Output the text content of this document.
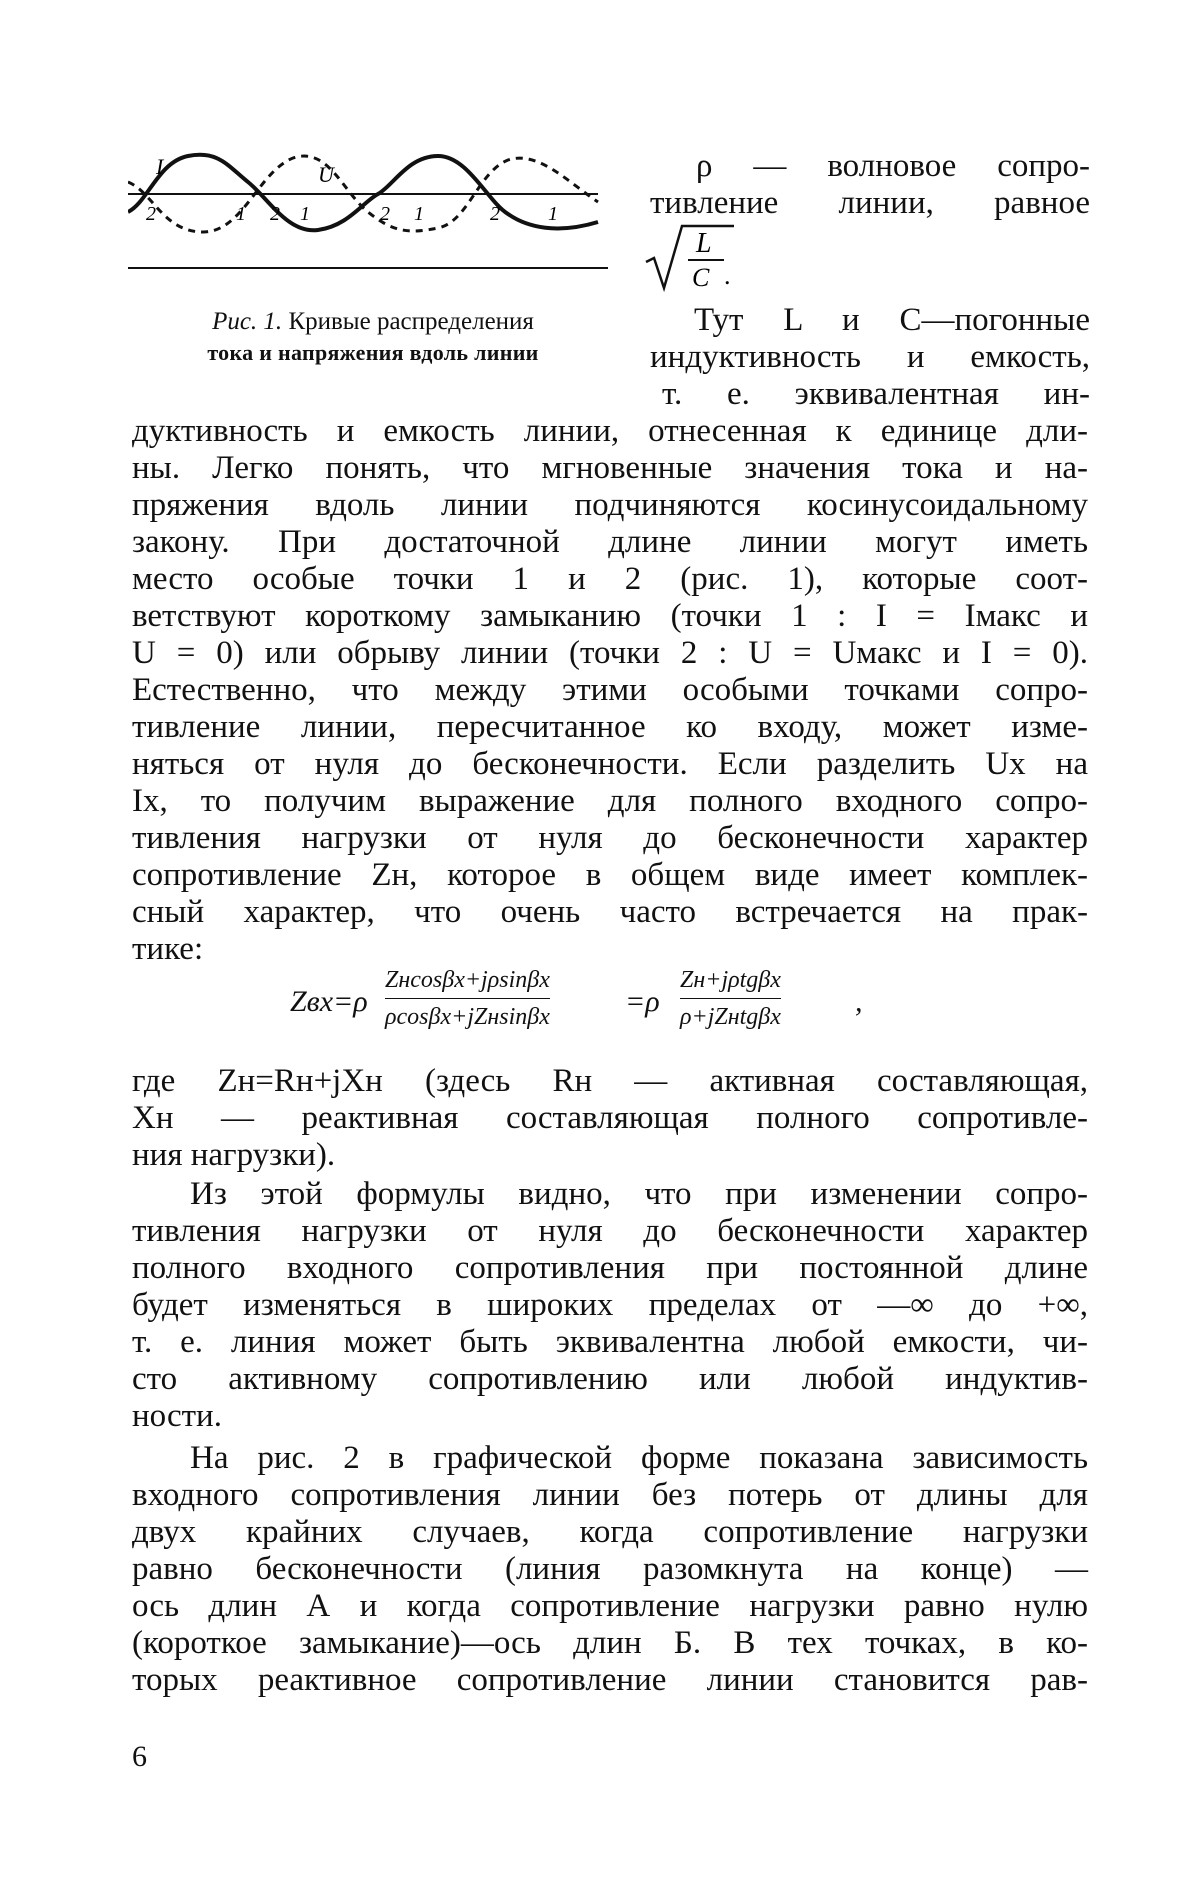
I	U
2	1 2 1	2 1	2 1
Рис. 1. Кривые распределения
тока и напряжения вдоль линии
ρ — волновое сопро-
тивление линии, равное
L
C .
Тут L и C—погонные
индуктивность и емкость,
т. е. эквивалентная ин-
дуктивность и емкость линии, отнесенная к единице дли-
ны. Легко понять, что мгновенные значения тока и на-
пряжения вдоль линии подчиняются косинусоидальному
закону. При достаточной длине линии могут иметь
место особые точки 1 и 2 (рис. 1), которые соот-
ветствуют короткому замыканию (точки 1 : I = Iмакс и
U = 0) или обрыву линии (точки 2 : U = Uмакс и I = 0).
Естественно, что между этими особыми точками сопро-
тивление линии, пересчитанное ко входу, может изме-
няться от нуля до бесконечности. Если разделить Ux на
Ix, то получим выражение для полного входного сопро-
тивления нагрузки от нуля до бесконечности характер
сопротивление Zн, которое в общем виде имеет комплек-
сный характер, что очень часто встречается на прак-
тике:
Zвх=ρ
Zнcosβx+jρsinβx
ρcosβx+jZнsinβx	=ρ
Zн+jρtgβx
ρ+jZнtgβx ,
где Zн=Rн+jXн (здесь Rн — активная составляющая,
Xн — реактивная составляющая полного сопротивле-
ния нагрузки).
Из этой формулы видно, что при изменении сопро-
тивления нагрузки от нуля до бесконечности характер
полного входного сопротивления при постоянной длине
будет изменяться в широких пределах от —∞ до +∞,
т. е. линия может быть эквивалентна любой емкости, чи-
сто активному сопротивлению или любой индуктив-
ности.
На рис. 2 в графической форме показана зависимость
входного сопротивления линии без потерь от длины для
двух крайних случаев, когда сопротивление нагрузки
равно бесконечности (линия разомкнута на конце) —
ось длин А и когда сопротивление нагрузки равно нулю
(короткое замыкание)—ось длин Б. В тех точках, в ко-
торых реактивное сопротивление линии становится рав-
6
